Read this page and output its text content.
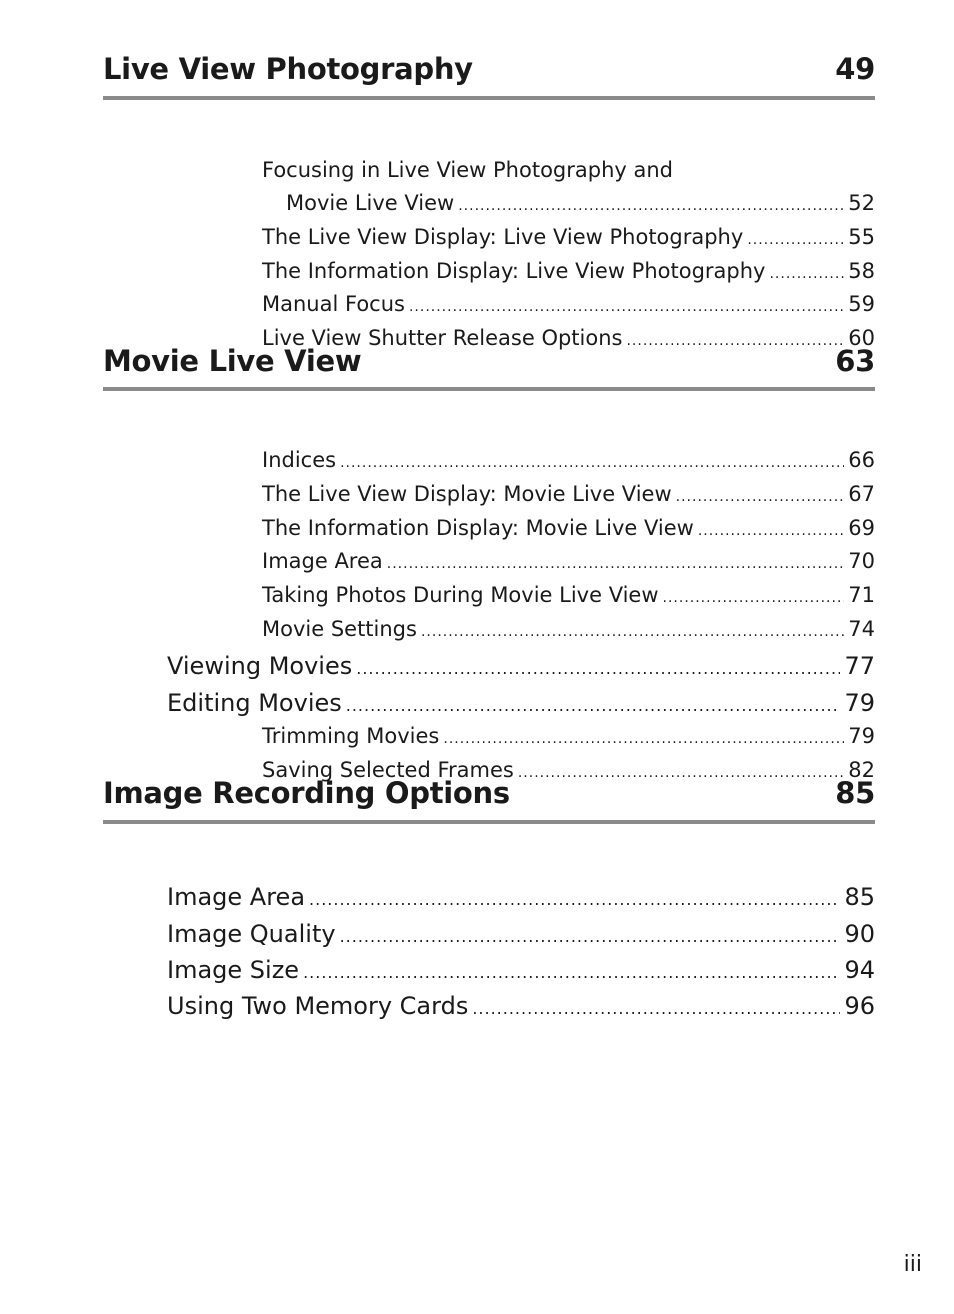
Live View Photography	49
Focusing in Live View Photography and
Movie Live View .....	52
The Live View Display: Live View Photography .....	55
The Information Display: Live View Photography .....	58
Manual Focus .....	59
Live View Shutter Release Options .....	60
Movie Live View	63
Indices .....	66
The Live View Display: Movie Live View .....	67
The Information Display: Movie Live View .....	69
Image Area .....	70
Taking Photos During Movie Live View .....	71
Movie Settings .....	74
Viewing Movies .....	77
Editing Movies .....	79
Trimming Movies .....	79
Saving Selected Frames .....	82
Image Recording Options	85
Image Area .....	85
Image Quality .....	90
Image Size .....	94
Using Two Memory Cards .....	96
iii
